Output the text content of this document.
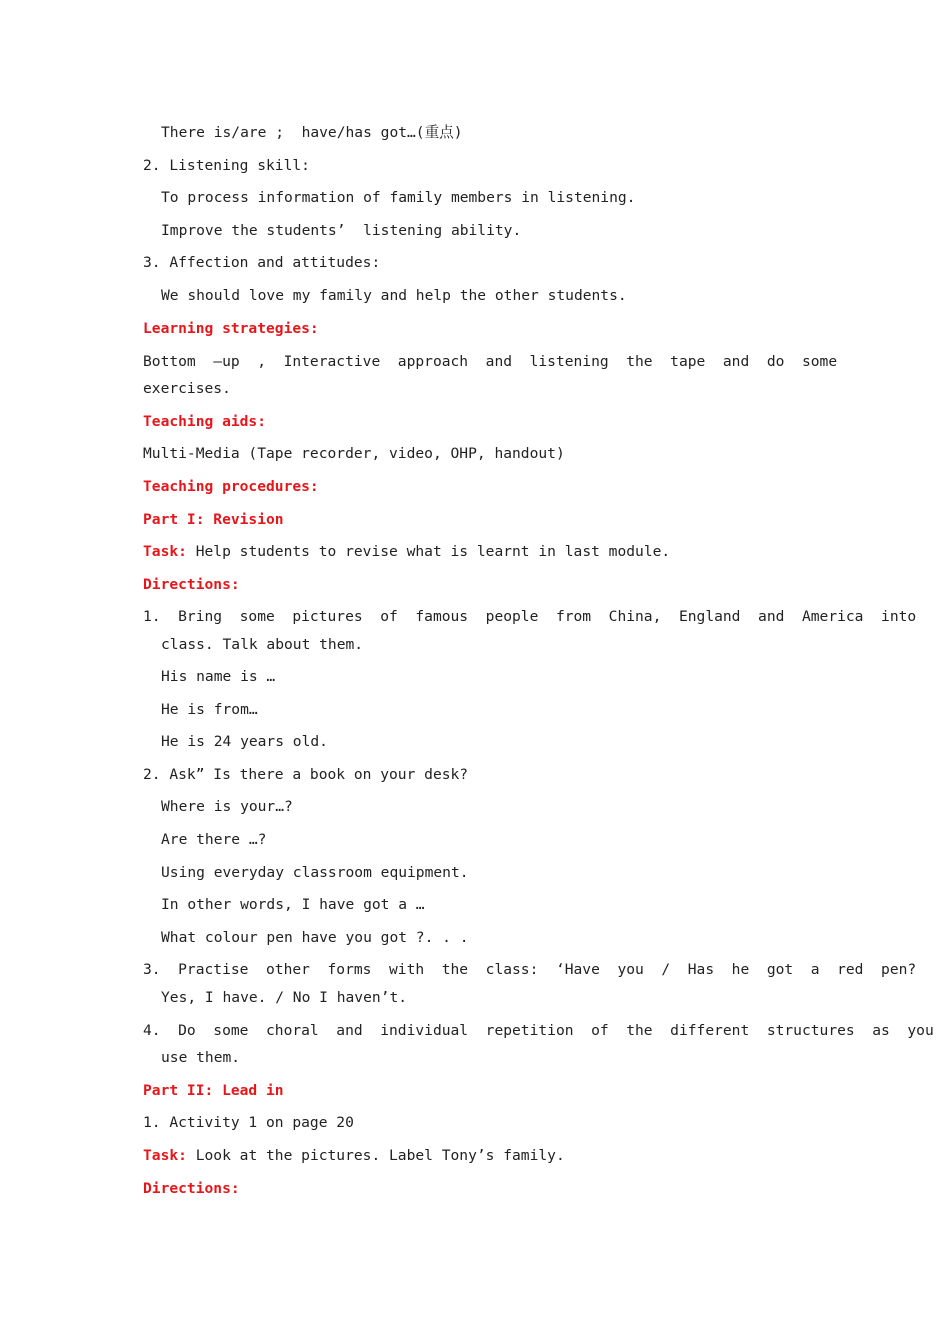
There is/are ;  have/has got…(重点)
2. Listening skill:
To process information of family members in listening.
Improve the students’  listening ability.
3. Affection and attitudes:
We should love my family and help the other students.
Learning strategies:
Bottom  –up  ,  Interactive  approach  and  listening  the  tape  and  do  some
exercises.
Teaching aids:
Multi-Media (Tape recorder, video, OHP, handout)
Teaching procedures:
Part I: Revision
Task: Help students to revise what is learnt in last module.
Directions:
1.  Bring  some  pictures  of  famous  people  from  China,  England  and  America  into
class. Talk about them.
His name is …
He is from…
He is 24 years old.
2. Ask” Is there a book on your desk?
Where is your…?
Are there …?
Using everyday classroom equipment.
In other words, I have got a …
What colour pen have you got ?. . .
3.  Practise  other  forms  with  the  class:  ‘Have  you  /  Has  he  got  a  red  pen?
Yes, I have. / No I haven’t.
4.  Do  some  choral  and  individual  repetition  of  the  different  structures  as  you
use them.
Part II: Lead in
1. Activity 1 on page 20
Task: Look at the pictures. Label Tony’s family.
Directions:
